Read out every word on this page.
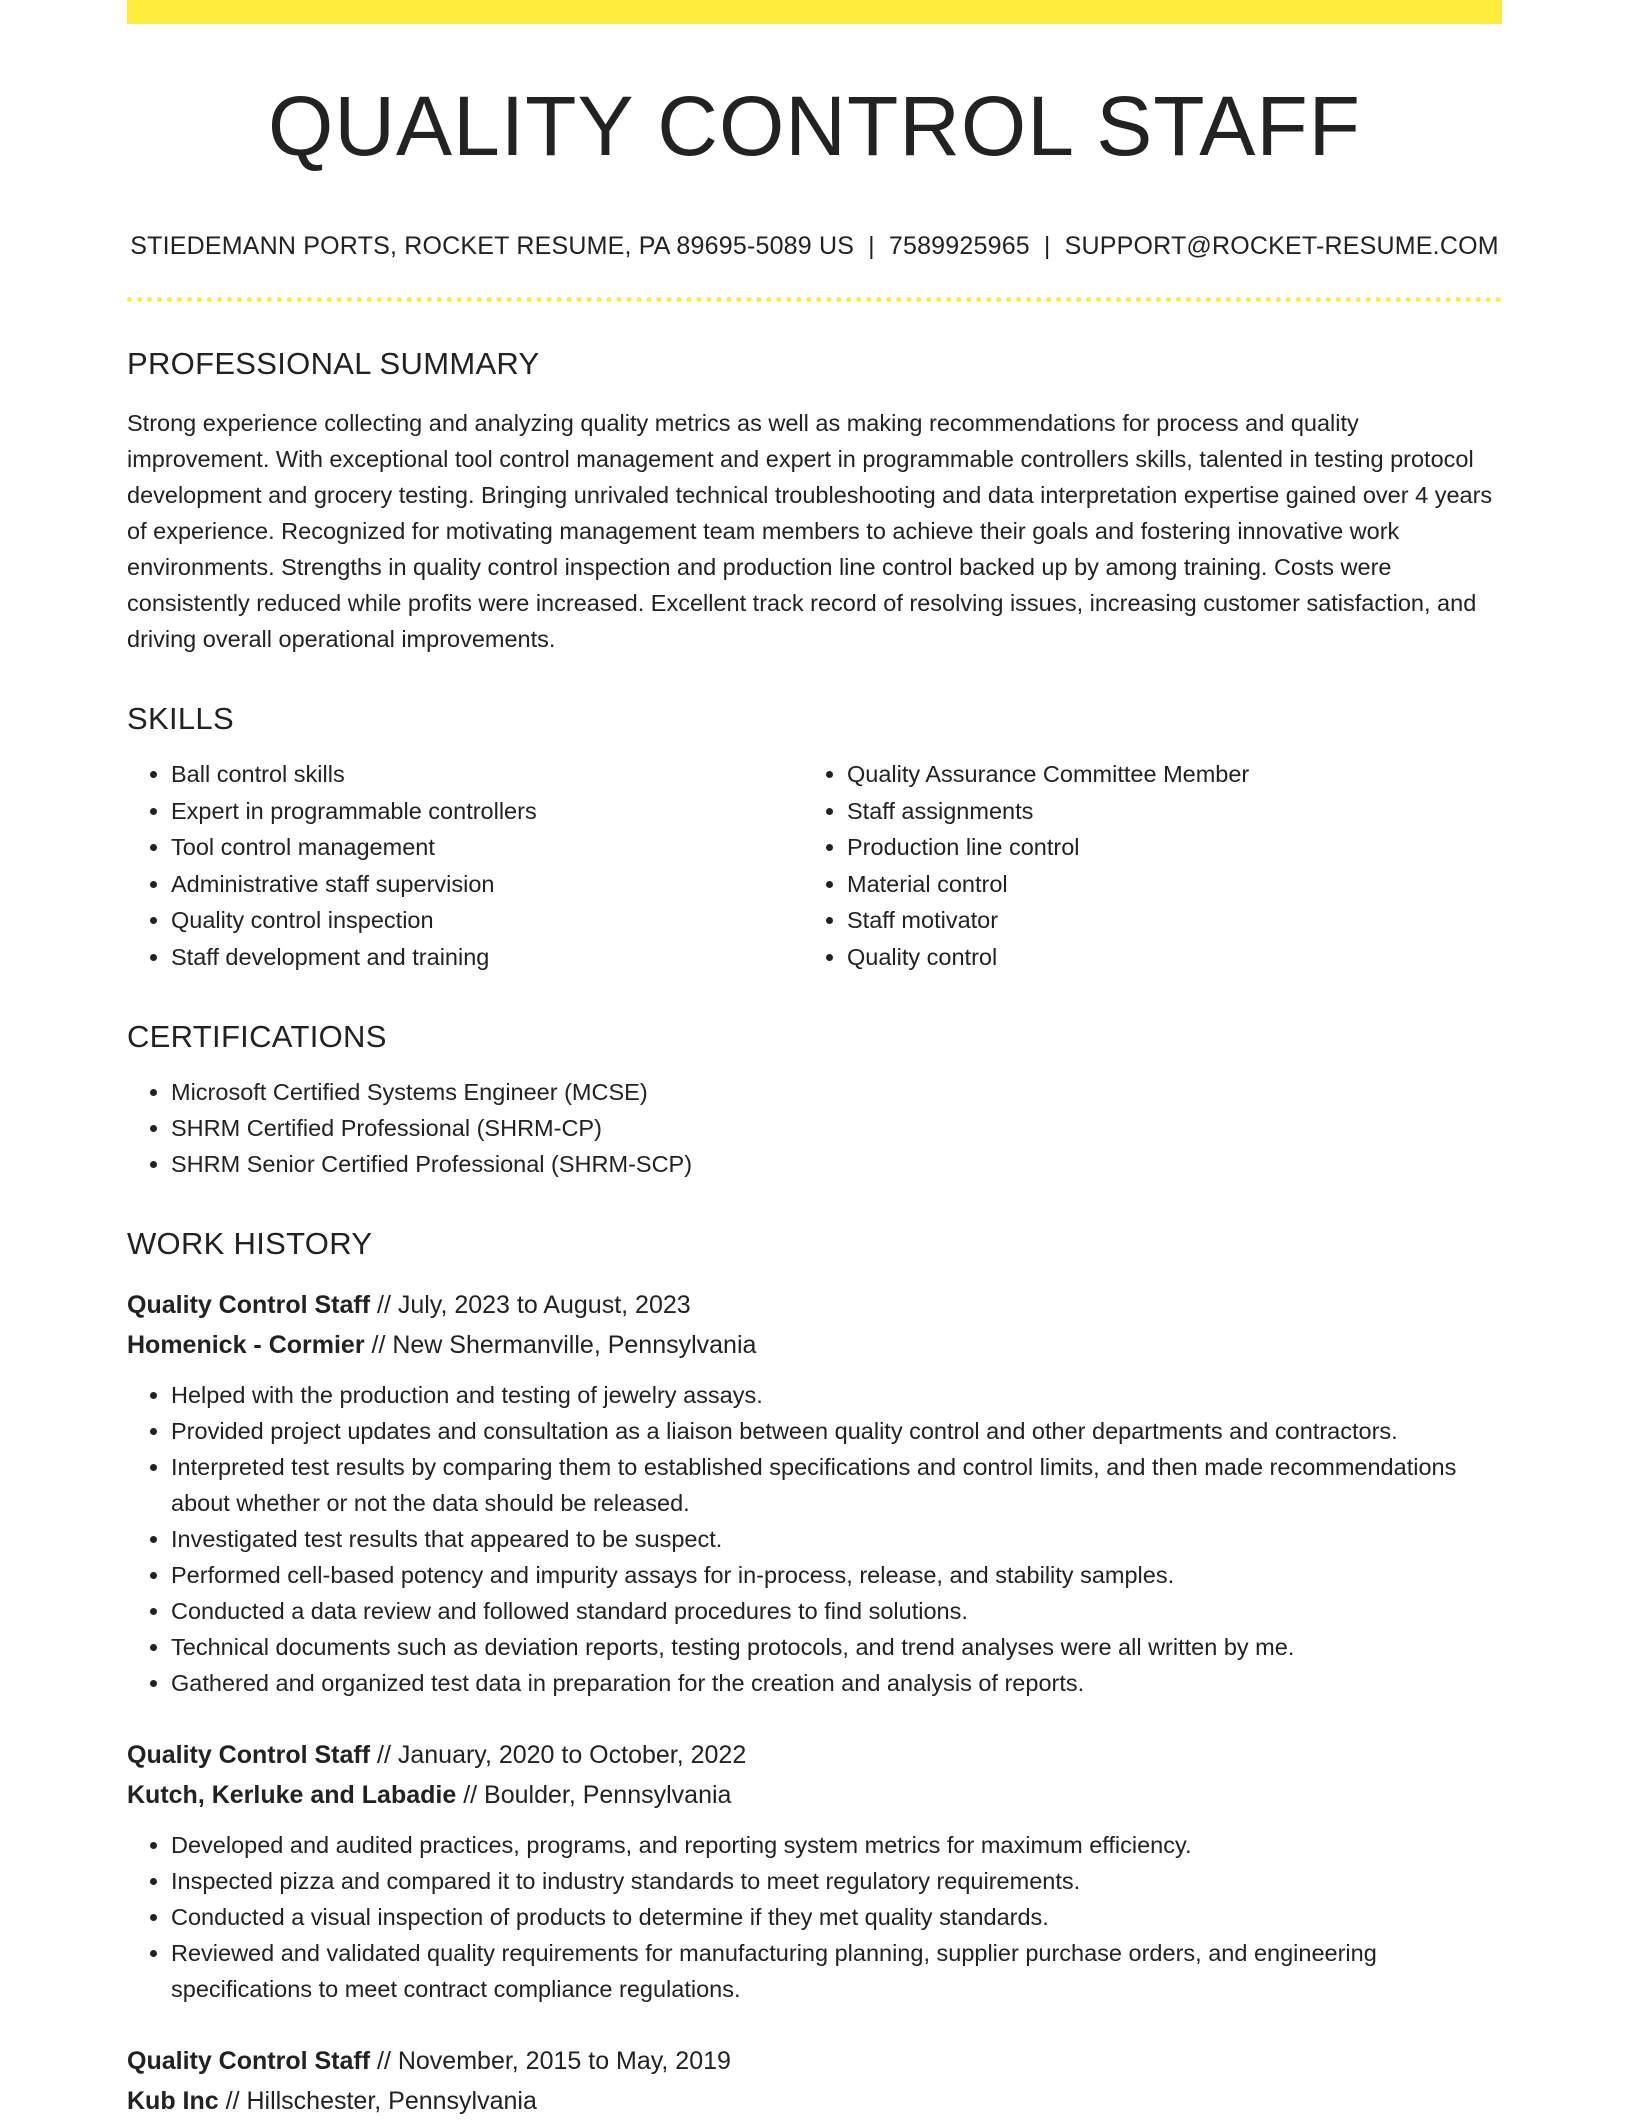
QUALITY CONTROL STAFF
STIEDEMANN PORTS, ROCKET RESUME, PA 89695-5089 US | 7589925965 | SUPPORT@ROCKET-RESUME.COM
PROFESSIONAL SUMMARY
Strong experience collecting and analyzing quality metrics as well as making recommendations for process and quality improvement. With exceptional tool control management and expert in programmable controllers skills, talented in testing protocol development and grocery testing. Bringing unrivaled technical troubleshooting and data interpretation expertise gained over 4 years of experience. Recognized for motivating management team members to achieve their goals and fostering innovative work environments. Strengths in quality control inspection and production line control backed up by among training. Costs were consistently reduced while profits were increased. Excellent track record of resolving issues, increasing customer satisfaction, and driving overall operational improvements.
SKILLS
• Ball control skills
• Expert in programmable controllers
• Tool control management
• Administrative staff supervision
• Quality control inspection
• Staff development and training
• Quality Assurance Committee Member
• Staff assignments
• Production line control
• Material control
• Staff motivator
• Quality control
CERTIFICATIONS
• Microsoft Certified Systems Engineer (MCSE)
• SHRM Certified Professional (SHRM-CP)
• SHRM Senior Certified Professional (SHRM-SCP)
WORK HISTORY
Quality Control Staff // July, 2023 to August, 2023
Homenick - Cormier // New Shermanville, Pennsylvania
• Helped with the production and testing of jewelry assays.
• Provided project updates and consultation as a liaison between quality control and other departments and contractors.
• Interpreted test results by comparing them to established specifications and control limits, and then made recommendations about whether or not the data should be released.
• Investigated test results that appeared to be suspect.
• Performed cell-based potency and impurity assays for in-process, release, and stability samples.
• Conducted a data review and followed standard procedures to find solutions.
• Technical documents such as deviation reports, testing protocols, and trend analyses were all written by me.
• Gathered and organized test data in preparation for the creation and analysis of reports.
Quality Control Staff // January, 2020 to October, 2022
Kutch, Kerluke and Labadie // Boulder, Pennsylvania
• Developed and audited practices, programs, and reporting system metrics for maximum efficiency.
• Inspected pizza and compared it to industry standards to meet regulatory requirements.
• Conducted a visual inspection of products to determine if they met quality standards.
• Reviewed and validated quality requirements for manufacturing planning, supplier purchase orders, and engineering specifications to meet contract compliance regulations.
Quality Control Staff // November, 2015 to May, 2019
Kub Inc // Hillschester, Pennsylvania
